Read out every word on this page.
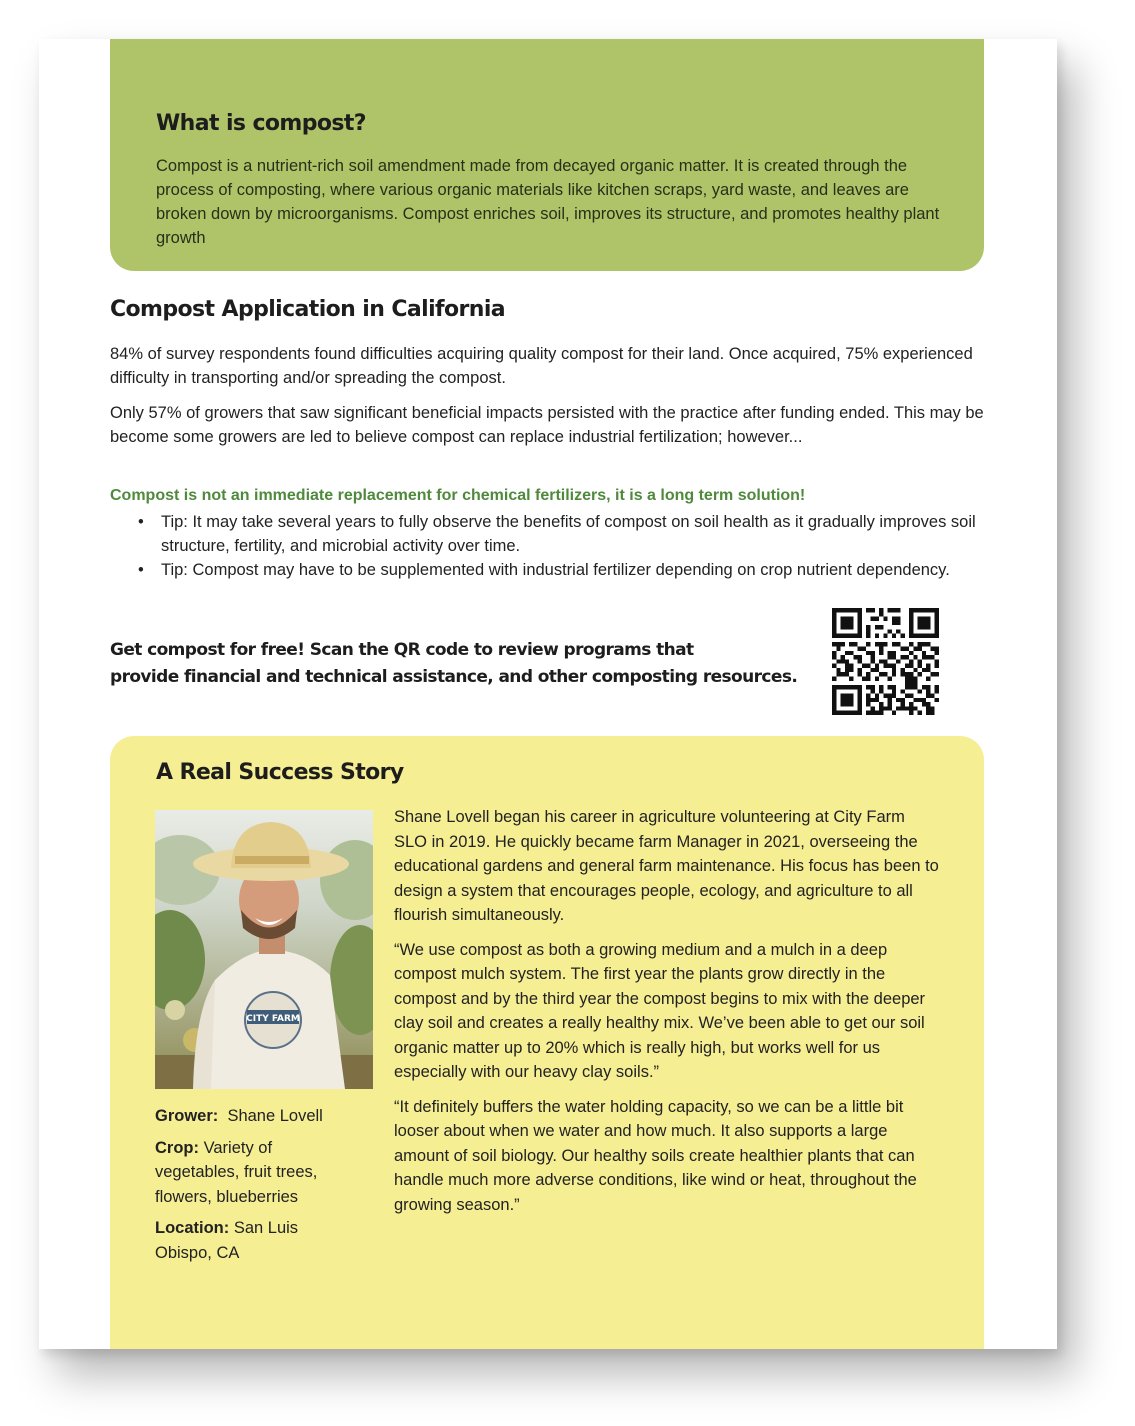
What is compost?

Compost is a nutrient-rich soil amendment made from decayed organic matter. It is created through the process of composting, where various organic materials like kitchen scraps, yard waste, and leaves are broken down by microorganisms. Compost enriches soil, improves its structure, and promotes healthy plant growth

Compost Application in California

84% of survey respondents found difficulties acquiring quality compost for their land. Once acquired, 75% experienced difficulty in transporting and/or spreading the compost.

Only 57% of growers that saw significant beneficial impacts persisted with the practice after funding ended. This may be become some growers are led to believe compost can replace industrial fertilization; however...

Compost is not an immediate replacement for chemical fertilizers, it is a long term solution!

• Tip: It may take several years to fully observe the benefits of compost on soil health as it gradually improves soil structure, fertility, and microbial activity over time.
• Tip: Compost may have to be supplemented with industrial fertilizer depending on crop nutrient dependency.

Get compost for free! Scan the QR code to review programs that
provide financial and technical assistance, and other composting resources.

A Real Success Story
CITY FARM

Grower: Shane Lovell

Crop: Variety of vegetables, fruit trees, flowers, blueberries

Location: San Luis Obispo, CA

Shane Lovell began his career in agriculture volunteering at City Farm SLO in 2019. He quickly became farm Manager in 2021, overseeing the educational gardens and general farm maintenance. His focus has been to design a system that encourages people, ecology, and agriculture to all flourish simultaneously.

“We use compost as both a growing medium and a mulch in a deep compost mulch system. The first year the plants grow directly in the compost and by the third year the compost begins to mix with the deeper clay soil and creates a really healthy mix. We’ve been able to get our soil organic matter up to 20% which is really high, but works well for us especially with our heavy clay soils.”

“It definitely buffers the water holding capacity, so we can be a little bit looser about when we water and how much. It also supports a large amount of soil biology. Our healthy soils create healthier plants that can handle much more adverse conditions, like wind or heat, throughout the growing season.”
